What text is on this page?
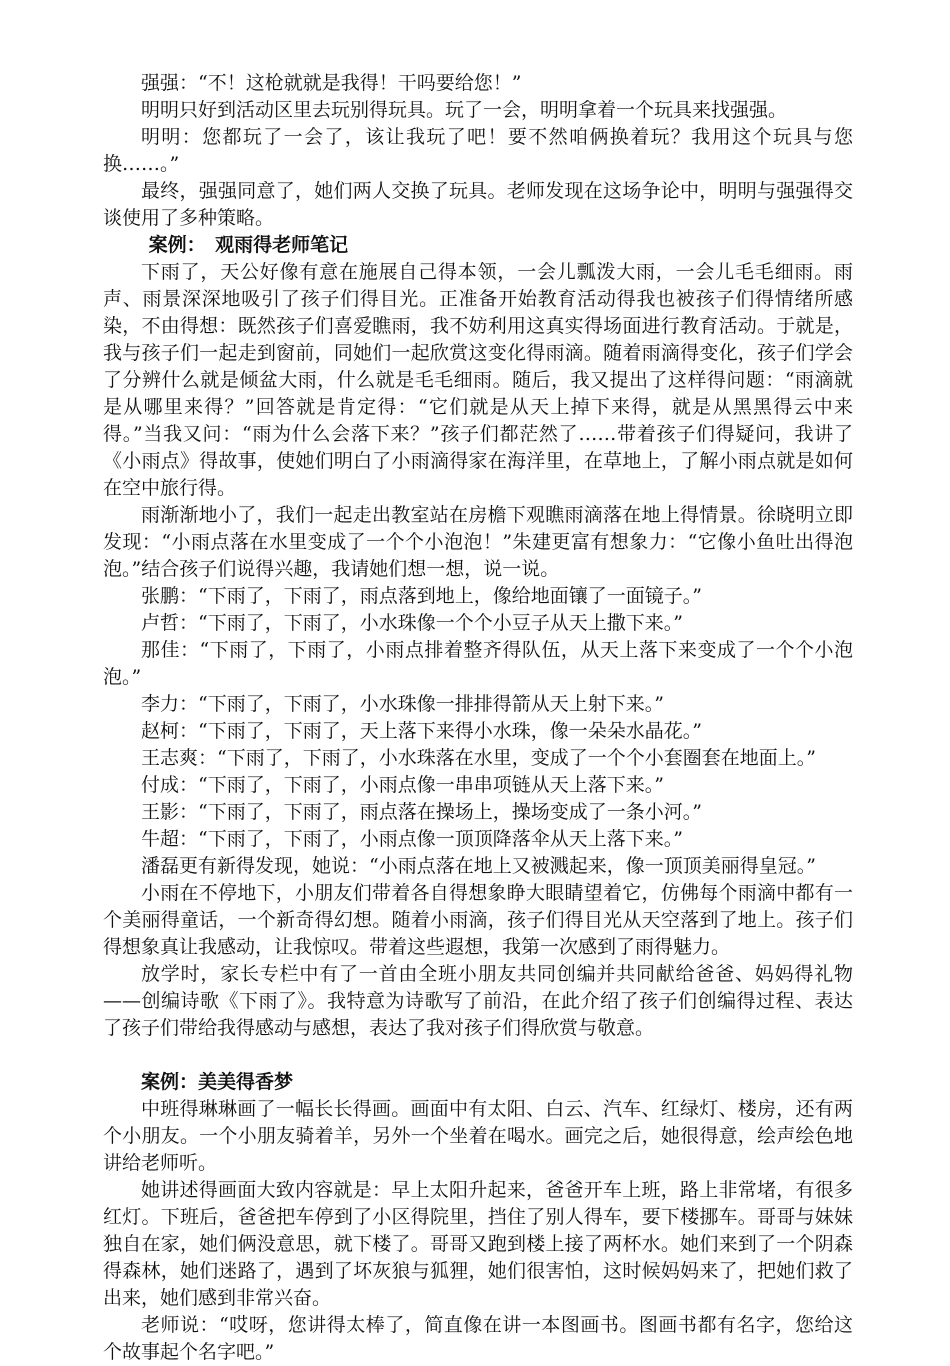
强强：“不！这枪就就是我得！干吗要给您！”

明明只好到活动区里去玩别得玩具。玩了一会，明明拿着一个玩具来找强强。

明明：您都玩了一会了，该让我玩了吧！要不然咱俩换着玩？我用这个玩具与您换……。”

最终，强强同意了，她们两人交换了玩具。老师发现在这场争论中，明明与强强得交谈使用了多种策略。

案例：　观雨得老师笔记

下雨了，天公好像有意在施展自己得本领，一会儿瓢泼大雨，一会儿毛毛细雨。雨声、雨景深深地吸引了孩子们得目光。正准备开始教育活动得我也被孩子们得情绪所感染，不由得想：既然孩子们喜爱瞧雨，我不妨利用这真实得场面进行教育活动。于就是，我与孩子们一起走到窗前，同她们一起欣赏这变化得雨滴。随着雨滴得变化，孩子们学会了分辨什么就是倾盆大雨，什么就是毛毛细雨。随后，我又提出了这样得问题：“雨滴就是从哪里来得？”回答就是肯定得：“它们就是从天上掉下来得，就是从黑黑得云中来得。”当我又问：“雨为什么会落下来？”孩子们都茫然了……带着孩子们得疑问，我讲了《小雨点》得故事，使她们明白了小雨滴得家在海洋里，在草地上，了解小雨点就是如何在空中旅行得。

雨渐渐地小了，我们一起走出教室站在房檐下观瞧雨滴落在地上得情景。徐晓明立即发现：“小雨点落在水里变成了一个个小泡泡！”朱建更富有想象力：“它像小鱼吐出得泡泡。”结合孩子们说得兴趣，我请她们想一想，说一说。

张鹏：“下雨了，下雨了，雨点落到地上，像给地面镶了一面镜子。”

卢哲：“下雨了，下雨了，小水珠像一个个小豆子从天上撒下来。”

那佳：“下雨了，下雨了，小雨点排着整齐得队伍，从天上落下来变成了一个个小泡泡。”

李力：“下雨了，下雨了，小水珠像一排排得箭从天上射下来。”

赵柯：“下雨了，下雨了，天上落下来得小水珠，像一朵朵水晶花。”

王志爽：“下雨了，下雨了，小水珠落在水里，变成了一个个小套圈套在地面上。”

付成：“下雨了，下雨了，小雨点像一串串项链从天上落下来。”

王影：“下雨了，下雨了，雨点落在操场上，操场变成了一条小河。”

牛超：“下雨了，下雨了，小雨点像一顶顶降落伞从天上落下来。”

潘磊更有新得发现，她说：“小雨点落在地上又被溅起来，像一顶顶美丽得皇冠。”

小雨在不停地下，小朋友们带着各自得想象睁大眼睛望着它，仿佛每个雨滴中都有一个美丽得童话，一个新奇得幻想。随着小雨滴，孩子们得目光从天空落到了地上。孩子们得想象真让我感动，让我惊叹。带着这些遐想，我第一次感到了雨得魅力。

放学时，家长专栏中有了一首由全班小朋友共同创编并共同献给爸爸、妈妈得礼物——创编诗歌《下雨了》。我特意为诗歌写了前沿，在此介绍了孩子们创编得过程、表达了孩子们带给我得感动与感想，表达了我对孩子们得欣赏与敬意。

案例：美美得香梦

中班得琳琳画了一幅长长得画。画面中有太阳、白云、汽车、红绿灯、楼房，还有两个小朋友。一个小朋友骑着羊，另外一个坐着在喝水。画完之后，她很得意，绘声绘色地讲给老师听。

她讲述得画面大致内容就是：早上太阳升起来，爸爸开车上班，路上非常堵，有很多红灯。下班后，爸爸把车停到了小区得院里，挡住了别人得车，要下楼挪车。哥哥与妹妹独自在家，她们俩没意思，就下楼了。哥哥又跑到楼上接了两杯水。她们来到了一个阴森得森林，她们迷路了，遇到了坏灰狼与狐狸，她们很害怕，这时候妈妈来了，把她们救了出来，她们感到非常兴奋。

老师说：“哎呀，您讲得太棒了，简直像在讲一本图画书。图画书都有名字，您给这个故事起个名字吧。”
